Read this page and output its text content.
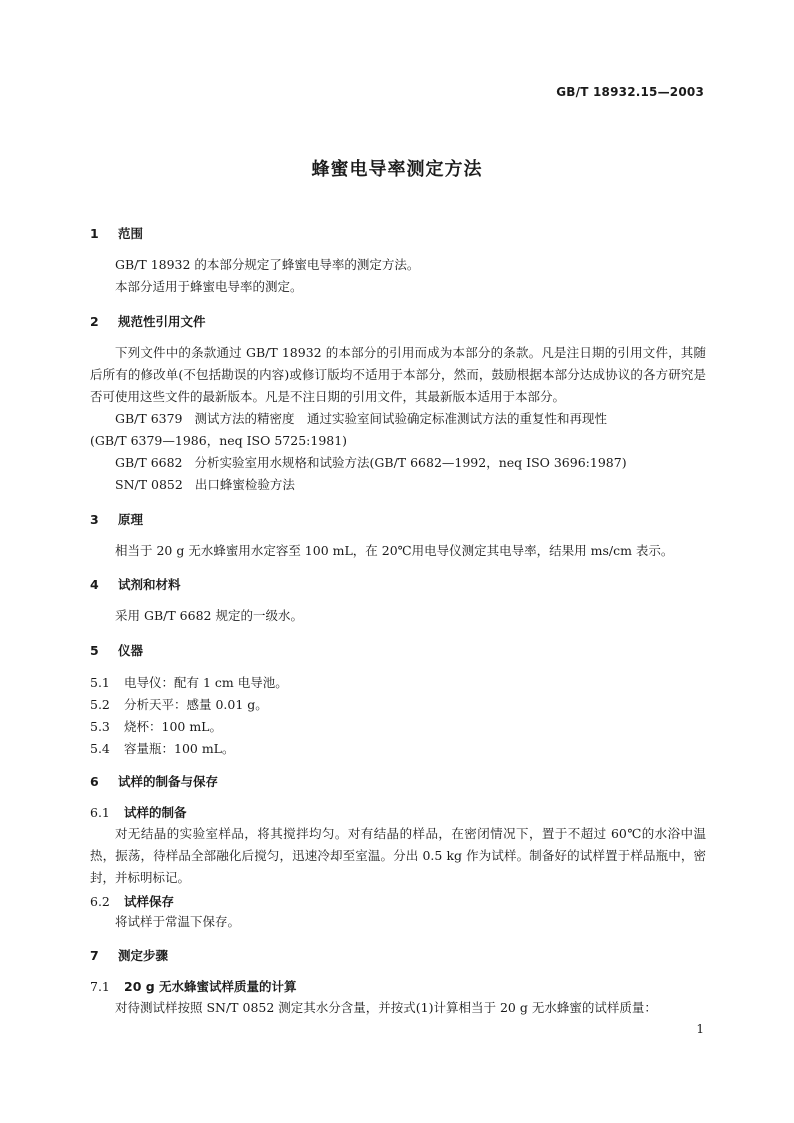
GB/T 18932.15—2003
蜂蜜电导率测定方法
1 范围
GB/T 18932 的本部分规定了蜂蜜电导率的测定方法。
本部分适用于蜂蜜电导率的测定。
2 规范性引用文件
下列文件中的条款通过 GB/T 18932 的本部分的引用而成为本部分的条款。凡是注日期的引用文件，其随后所有的修改单(不包括勘误的内容)或修订版均不适用于本部分，然而，鼓励根据本部分达成协议的各方研究是否可使用这些文件的最新版本。凡是不注日期的引用文件，其最新版本适用于本部分。
GB/T 6379 测试方法的精密度　通过实验室间试验确定标准测试方法的重复性和再现性
(GB/T 6379—1986，neq ISO 5725:1981)
GB/T 6682 分析实验室用水规格和试验方法(GB/T 6682—1992，neq ISO 3696:1987)
SN/T 0852 出口蜂蜜检验方法
3 原理
相当于 20 g 无水蜂蜜用水定容至 100 mL，在 20℃用电导仪测定其电导率，结果用 ms/cm 表示。
4 试剂和材料
采用 GB/T 6682 规定的一级水。
5 仪器
5.1 电导仪：配有 1 cm 电导池。
5.2 分析天平：感量 0.01 g。
5.3 烧杯：100 mL。
5.4 容量瓶：100 mL。
6 试样的制备与保存
6.1 试样的制备
对无结晶的实验室样品，将其搅拌均匀。对有结晶的样品，在密闭情况下，置于不超过 60℃的水浴中温热，振荡，待样品全部融化后搅匀，迅速冷却至室温。分出 0.5 kg 作为试样。制备好的试样置于样品瓶中，密封，并标明标记。
6.2 试样保存
将试样于常温下保存。
7 测定步骤
7.1 20 g 无水蜂蜜试样质量的计算
对待测试样按照 SN/T 0852 测定其水分含量，并按式(1)计算相当于 20 g 无水蜂蜜的试样质量：
1
